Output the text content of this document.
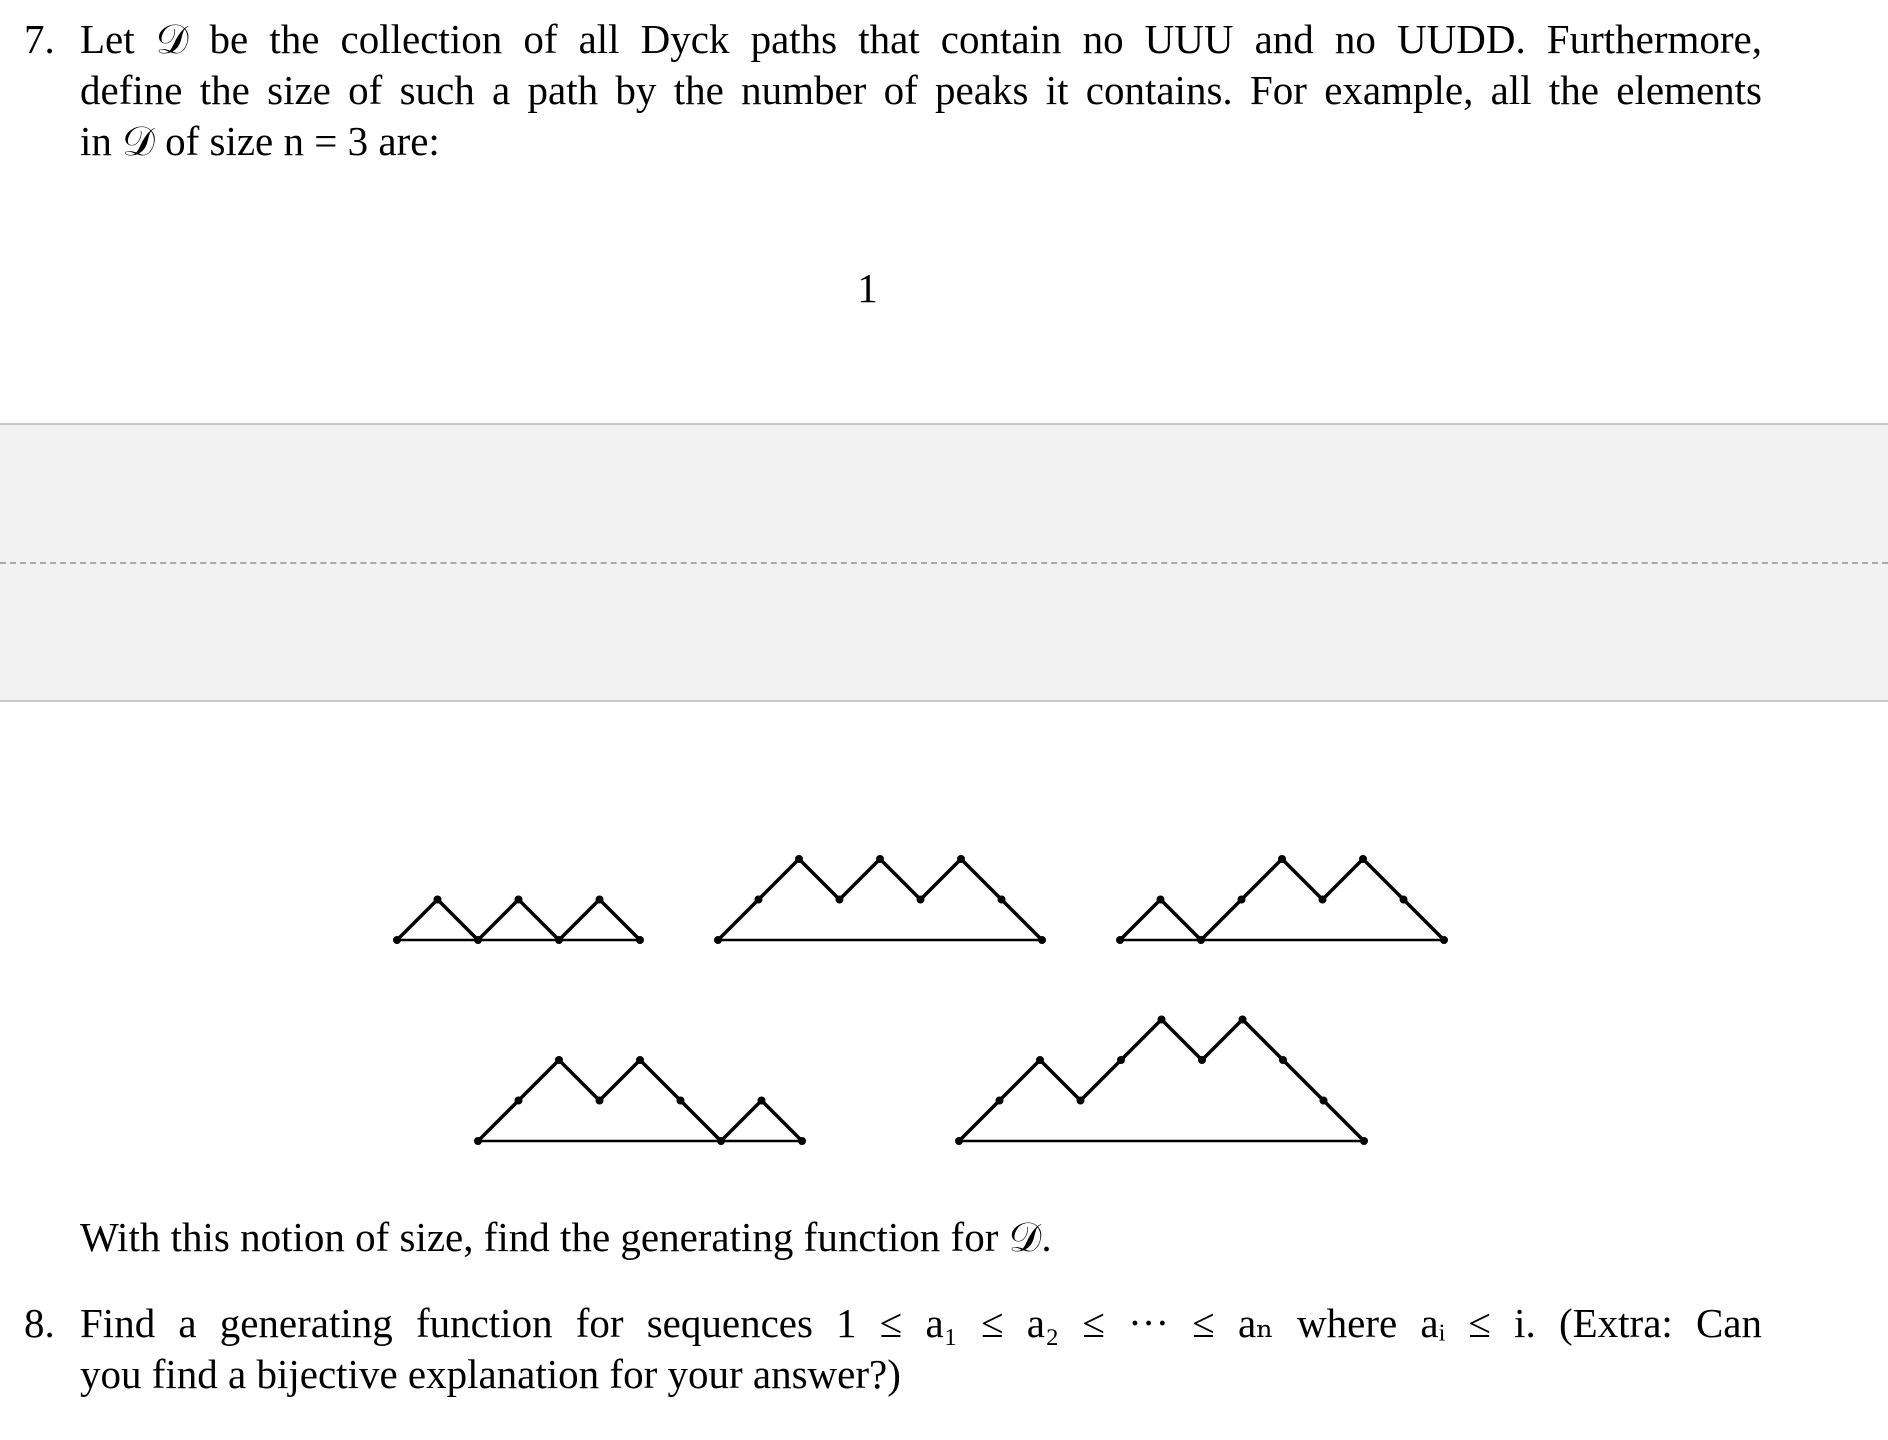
7. Let 𝒟 be the collection of all Dyck paths that contain no UUU and no UUDD. Furthermore,
define the size of such a path by the number of peaks it contains. For example, all the elements
in 𝒟 of size n = 3 are:
1
With this notion of size, find the generating function for 𝒟.
8. Find a generating function for sequences 1 ≤ a₁ ≤ a₂ ≤ ··· ≤ aₙ where aᵢ ≤ i. (Extra: Can
you find a bijective explanation for your answer?)
